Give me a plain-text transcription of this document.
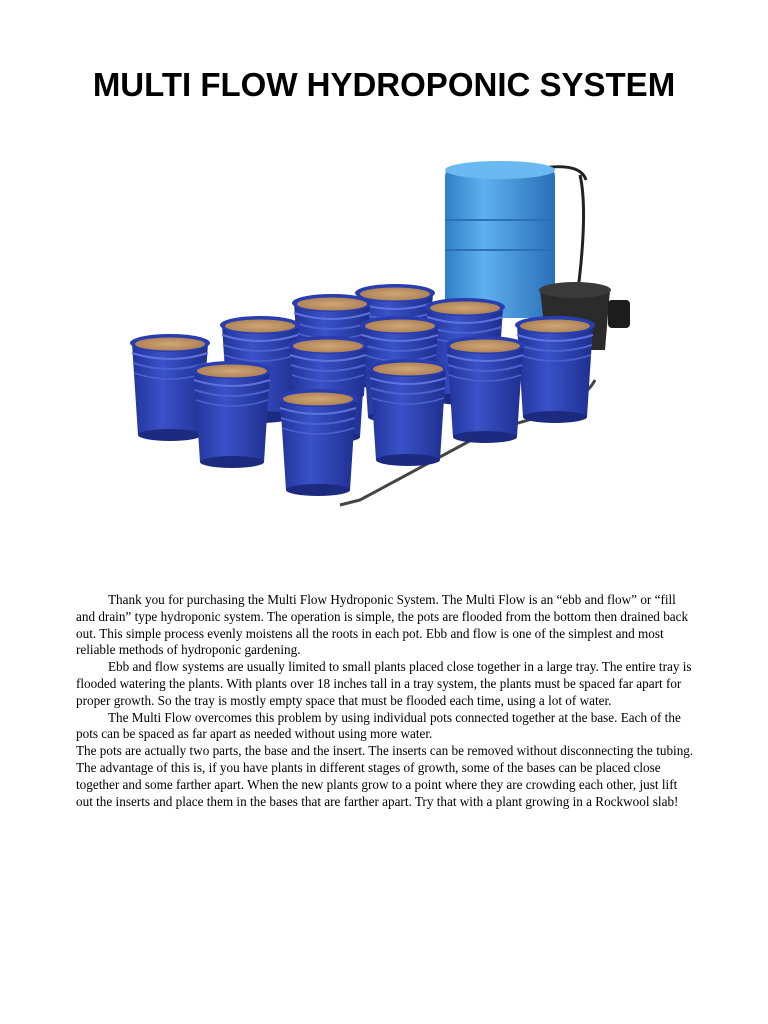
MULTI FLOW HYDROPONIC SYSTEM

Thank you for purchasing the Multi Flow Hydroponic System. The Multi Flow is an “ebb and flow” or “fill and drain” type hydroponic system. The operation is simple, the pots are flooded from the bottom then drained back out. This simple process evenly moistens all the roots in each pot. Ebb and flow is one of the simplest and most reliable methods of hydroponic gardening.

Ebb and flow systems are usually limited to small plants placed close together in a large tray. The entire tray is flooded watering the plants. With plants over 18 inches tall in a tray system, the plants must be spaced far apart for proper growth. So the tray is mostly empty space that must be flooded each time, using a lot of water.

The Multi Flow overcomes this problem by using individual pots connected together at the base. Each of the pots can be spaced as far apart as needed without using more water.

The pots are actually two parts, the base and the insert. The inserts can be removed without disconnecting the tubing. The advantage of this is, if you have plants in different stages of growth, some of the bases can be placed close together and some farther apart. When the new plants grow to a point where they are crowding each other, just lift out the inserts and place them in the bases that are farther apart. Try that with a plant growing in a Rockwool slab!
